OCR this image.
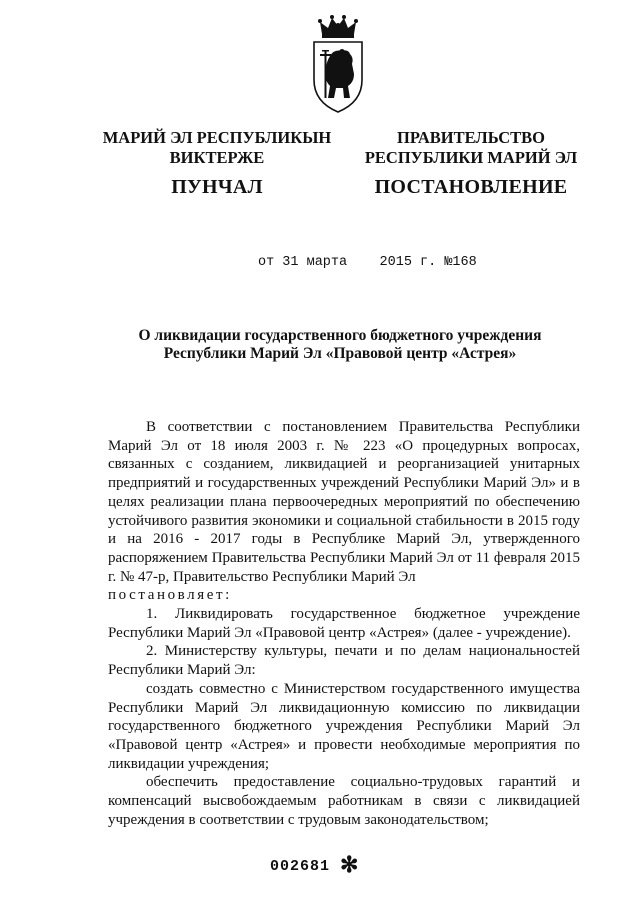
МАРИЙ ЭЛ РЕСПУБЛИКЫН
ВИКТЕРЖЕ
ПУНЧАЛ
ПРАВИТЕЛЬСТВО
РЕСПУБЛИКИ МАРИЙ ЭЛ
ПОСТАНОВЛЕНИЕ
от 31 марта    2015 г. №168
О ликвидации государственного бюджетного учреждения
Республики Марий Эл «Правовой центр «Астрея»

В соответствии с постановлением Правительства Республики Марий Эл от 18 июля 2003 г. № 223 «О процедурных вопросах, связанных с созданием, ликвидацией и реорганизацией унитарных предприятий и государственных учреждений Республики Марий Эл» и в целях реализации плана первоочередных мероприятий по обеспечению устойчивого развития экономики и социальной стабильности в 2015 году и на 2016 - 2017 годы в Республике Марий Эл, утвержденного распоряжением Правительства Республики Марий Эл от 11 февраля 2015 г. № 47-р, Правительство Республики Марий Эл

постановляет:

1. Ликвидировать государственное бюджетное учреждение Республики Марий Эл «Правовой центр «Астрея» (далее - учреждение).

2. Министерству культуры, печати и по делам национальностей Республики Марий Эл:

создать совместно с Министерством государственного имущества Республики Марий Эл ликвидационную комиссию по ликвидации государственного бюджетного учреждения Республики Марий Эл «Правовой центр «Астрея» и провести необходимые мероприятия по ликвидации учреждения;

обеспечить предоставление социально-трудовых гарантий и компенсаций высвобождаемым работникам в связи с ликвидацией учреждения в соответствии с трудовым законодательством;

002681 ✻
